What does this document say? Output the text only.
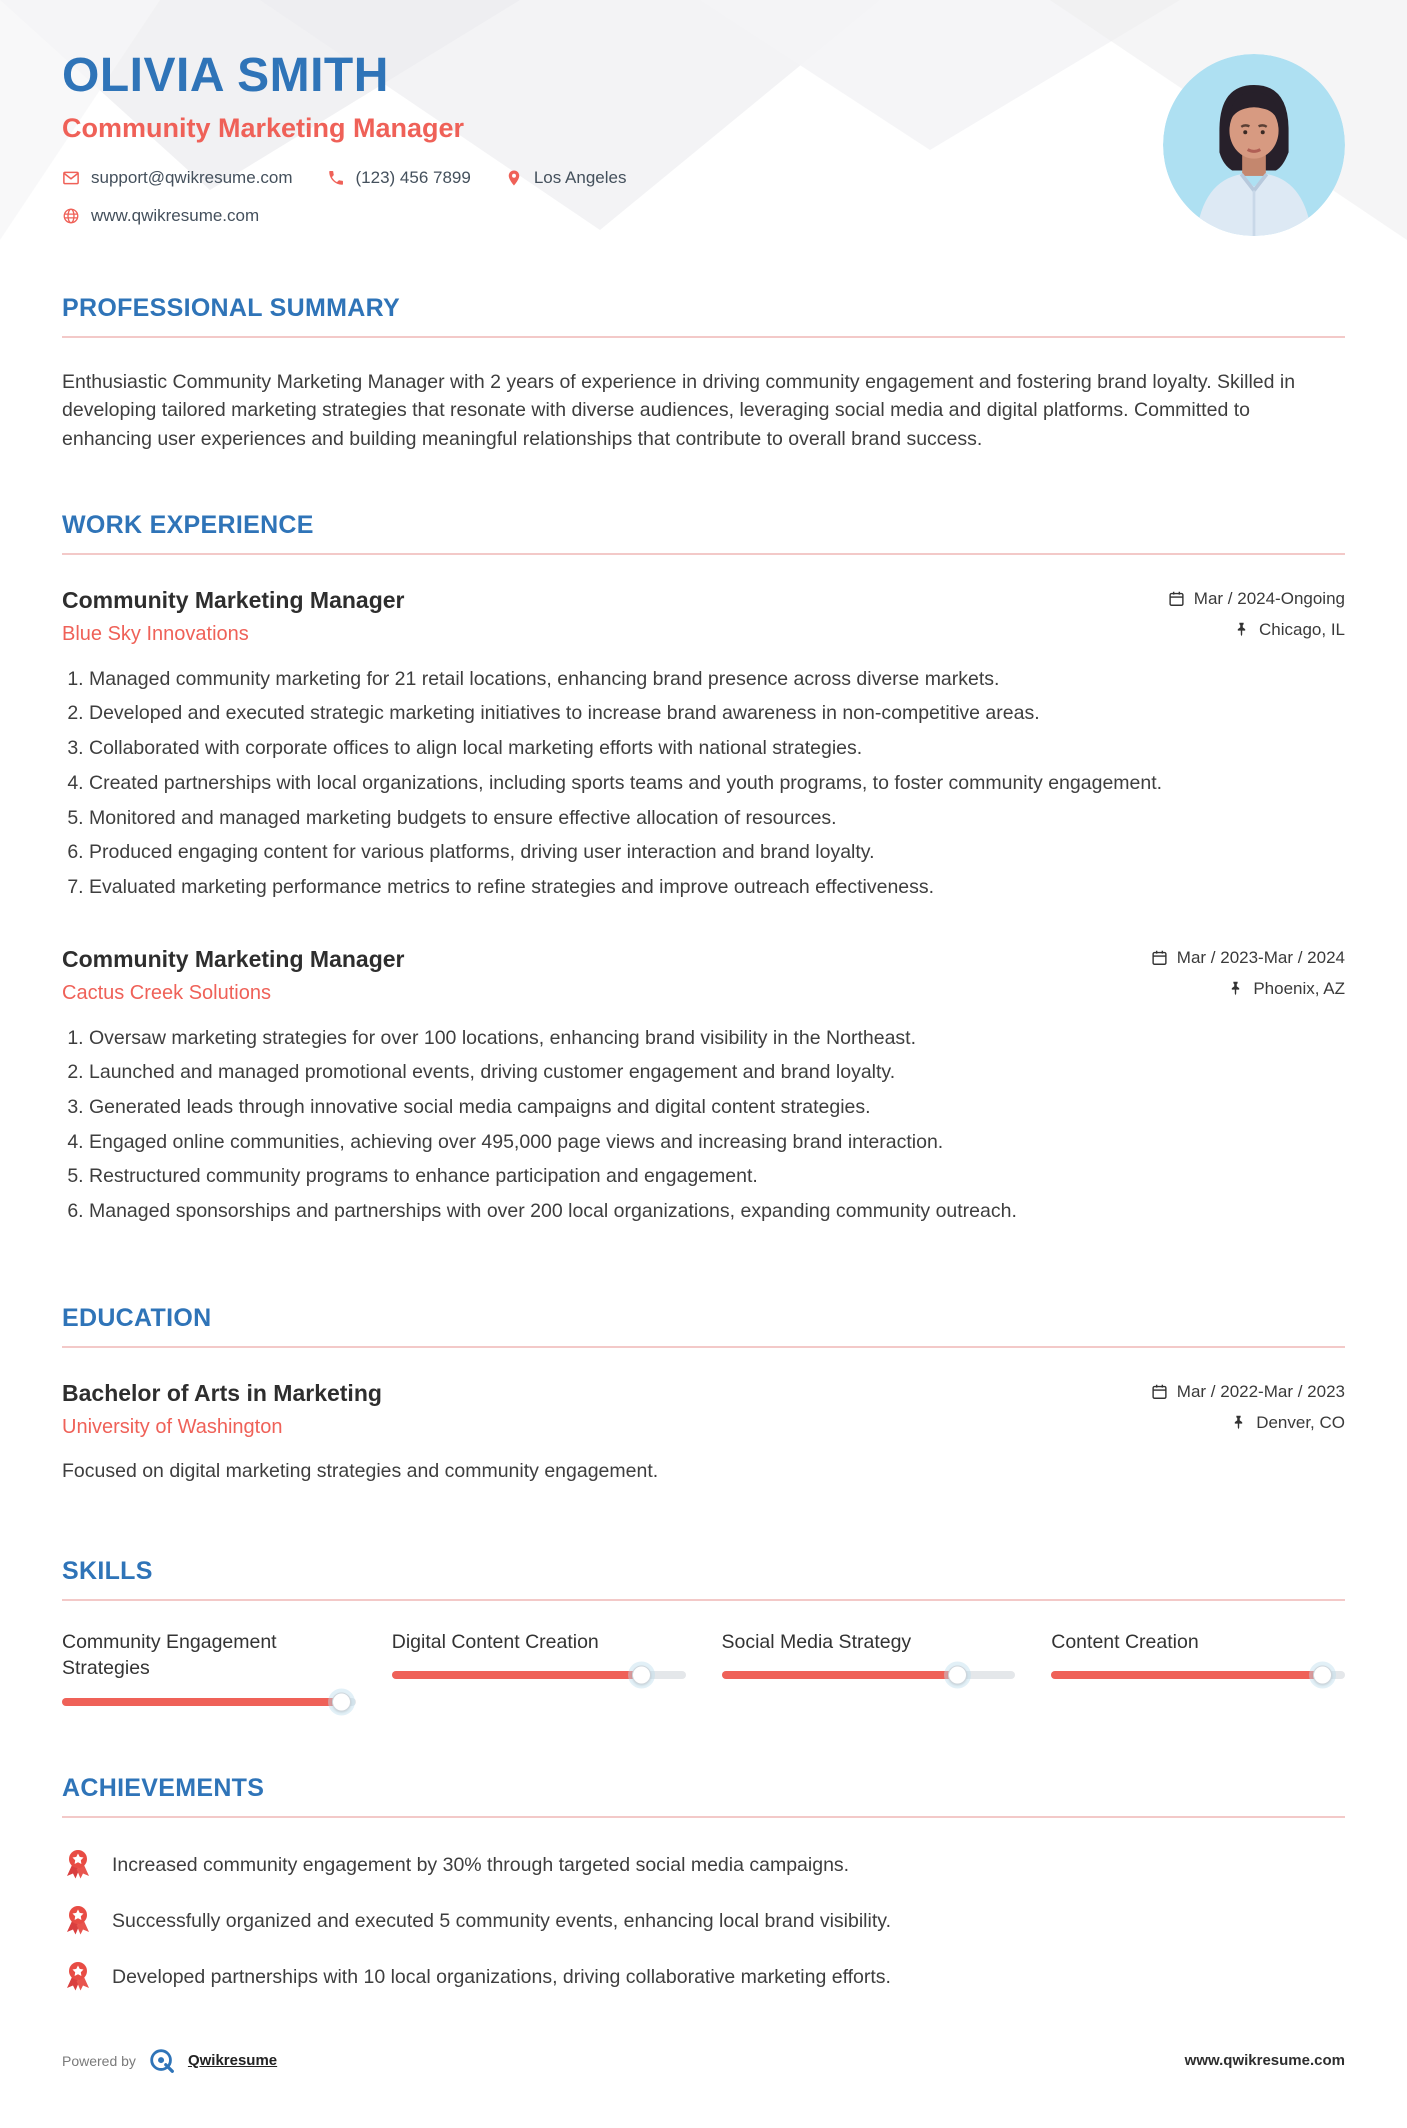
OLIVIA SMITH
Community Marketing Manager
support@qwikresume.com	(123) 456 7899	Los Angeles
www.qwikresume.com
PROFESSIONAL SUMMARY

Enthusiastic Community Marketing Manager with 2 years of experience in driving community engagement and fostering brand loyalty. Skilled in developing tailored marketing strategies that resonate with diverse audiences, leveraging social media and digital platforms. Committed to enhancing user experiences and building meaningful relationships that contribute to overall brand success.

WORK EXPERIENCE
Community Marketing Manager
Blue Sky Innovations
Mar / 2024-Ongoing
Chicago, IL
1. Managed community marketing for 21 retail locations, enhancing brand presence across diverse markets.
2. Developed and executed strategic marketing initiatives to increase brand awareness in non-competitive areas.
3. Collaborated with corporate offices to align local marketing efforts with national strategies.
4. Created partnerships with local organizations, including sports teams and youth programs, to foster community engagement.
5. Monitored and managed marketing budgets to ensure effective allocation of resources.
6. Produced engaging content for various platforms, driving user interaction and brand loyalty.
7. Evaluated marketing performance metrics to refine strategies and improve outreach effectiveness.
Community Marketing Manager
Cactus Creek Solutions
Mar / 2023-Mar / 2024
Phoenix, AZ
1. Oversaw marketing strategies for over 100 locations, enhancing brand visibility in the Northeast.
2. Launched and managed promotional events, driving customer engagement and brand loyalty.
3. Generated leads through innovative social media campaigns and digital content strategies.
4. Engaged online communities, achieving over 495,000 page views and increasing brand interaction.
5. Restructured community programs to enhance participation and engagement.
6. Managed sponsorships and partnerships with over 200 local organizations, expanding community outreach.
EDUCATION
Bachelor of Arts in Marketing
University of Washington
Mar / 2022-Mar / 2023
Denver, CO

Focused on digital marketing strategies and community engagement.

SKILLS
Community Engagement Strategies
Digital Content Creation	Social Media Strategy	Content Creation
ACHIEVEMENTS
Increased community engagement by 30% through targeted social media campaigns.
Successfully organized and executed 5 community events, enhancing local brand visibility.
Developed partnerships with 10 local organizations, driving collaborative marketing efforts.
Powered by	Qwikresume	www.qwikresume.com
